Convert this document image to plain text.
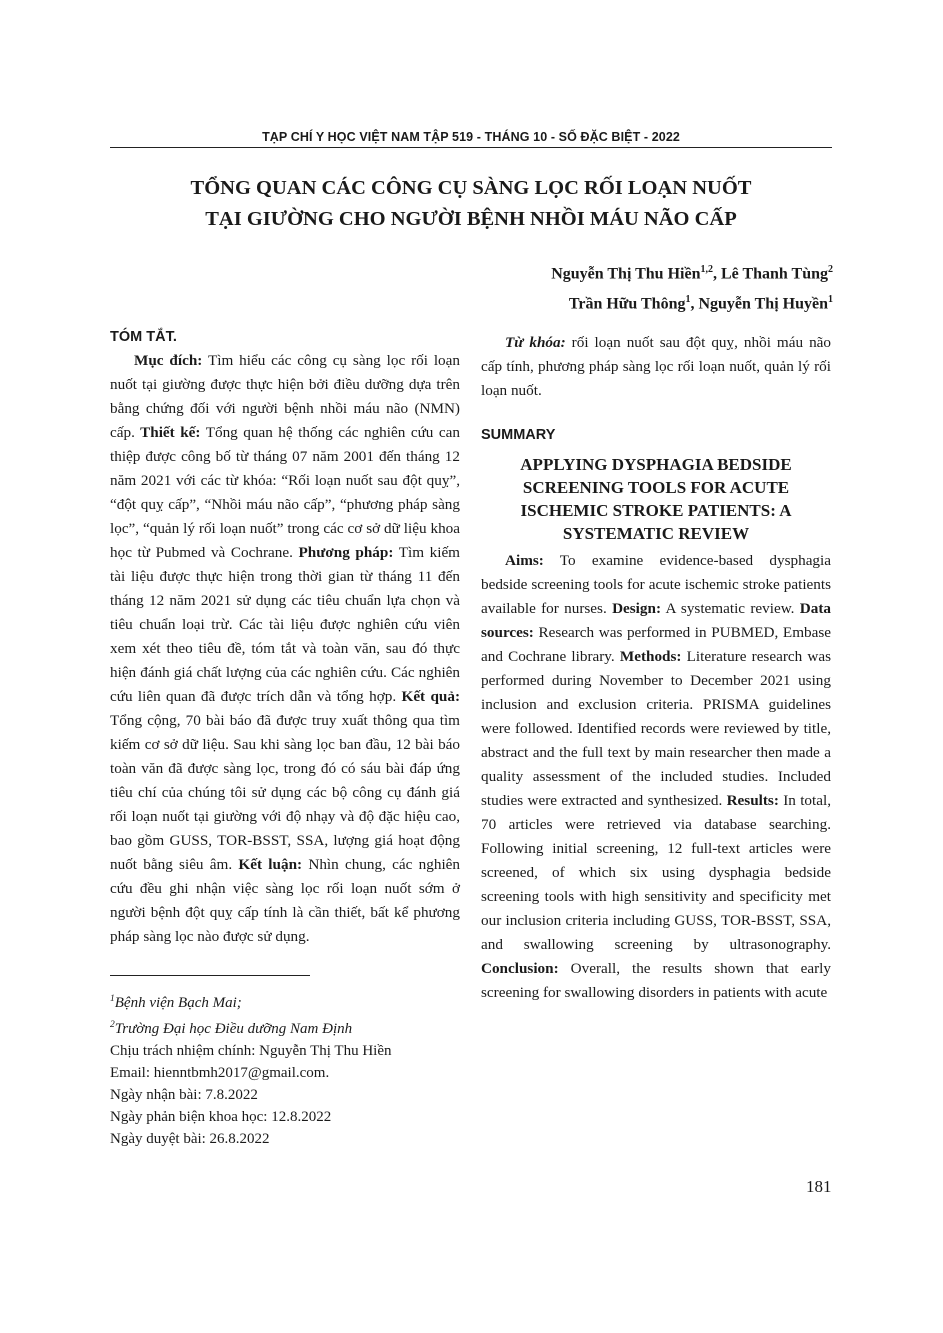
TẠP CHÍ Y HỌC VIỆT NAM TẬP 519 - THÁNG 10 - SỐ ĐẶC BIỆT - 2022
TỔNG QUAN CÁC CÔNG CỤ SÀNG LỌC RỐI LOẠN NUỐT
TẠI GIƯỜNG CHO NGƯỜI BỆNH NHỒI MÁU NÃO CẤP
Nguyễn Thị Thu Hiền$^{1,2}$, Lê Thanh Tùng$^2$
Trần Hữu Thông$^1$, Nguyễn Thị Huyền$^1$
TÓM TẮT.

Mục đích: Tìm hiểu các công cụ sàng lọc rối loạn nuốt tại giường được thực hiện bởi điều dưỡng dựa trên bằng chứng đối với người bệnh nhồi máu não (NMN) cấp. Thiết kế: Tổng quan hệ thống các nghiên cứu can thiệp được công bố từ tháng 07 năm 2001 đến tháng 12 năm 2021 với các từ khóa: “Rối loạn nuốt sau đột quỵ”, “đột quỵ cấp”, “Nhồi máu não cấp”, “phương pháp sàng lọc”, “quản lý rối loạn nuốt” trong các cơ sở dữ liệu khoa học từ Pubmed và Cochrane. Phương pháp: Tìm kiếm tài liệu được thực hiện trong thời gian từ tháng 11 đến tháng 12 năm 2021 sử dụng các tiêu chuẩn lựa chọn và tiêu chuẩn loại trừ. Các tài liệu được nghiên cứu viên xem xét theo tiêu đề, tóm tắt và toàn văn, sau đó thực hiện đánh giá chất lượng của các nghiên cứu. Các nghiên cứu liên quan đã được trích dẫn và tổng hợp. Kết quả: Tổng cộng, 70 bài báo đã được truy xuất thông qua tìm kiếm cơ sở dữ liệu. Sau khi sàng lọc ban đầu, 12 bài báo toàn văn đã được sàng lọc, trong đó có sáu bài đáp ứng tiêu chí của chúng tôi sử dụng các bộ công cụ đánh giá rối loạn nuốt tại giường với độ nhạy và độ đặc hiệu cao, bao gồm GUSS, TOR-BSST, SSA, lượng giá hoạt động nuốt bằng siêu âm. Kết luận: Nhìn chung, các nghiên cứu đều ghi nhận việc sàng lọc rối loạn nuốt sớm ở người bệnh đột quỵ cấp tính là cần thiết, bất kể phương pháp sàng lọc nào được sử dụng.

$^1$Bệnh viện Bạch Mai;

$^2$Trường Đại học Điều dưỡng Nam Định

Chịu trách nhiệm chính: Nguyễn Thị Thu Hiền

Email: hienntbmh2017@gmail.com.

Ngày nhận bài: 7.8.2022

Ngày phản biện khoa học: 12.8.2022

Ngày duyệt bài: 26.8.2022

Từ khóa: rối loạn nuốt sau đột quỵ, nhồi máu não cấp tính, phương pháp sàng lọc rối loạn nuốt, quản lý rối loạn nuốt.

SUMMARY
APPLYING DYSPHAGIA BEDSIDE SCREENING TOOLS FOR ACUTE ISCHEMIC STROKE PATIENTS: A SYSTEMATIC REVIEW

Aims: To examine evidence-based dysphagia bedside screening tools for acute ischemic stroke patients available for nurses. Design: A systematic review. Data sources: Research was performed in PUBMED, Embase and Cochrane library. Methods: Literature research was performed during November to December 2021 using inclusion and exclusion criteria. PRISMA guidelines were followed. Identified records were reviewed by title, abstract and the full text by main researcher then made a quality assessment of the included studies. Included studies were extracted and synthesized. Results: In total, 70 articles were retrieved via database searching. Following initial screening, 12 full-text articles were screened, of which six using dysphagia bedside screening tools with high sensitivity and specificity met our inclusion criteria including GUSS, TOR-BSST, SSA, and swallowing screening by ultrasonography. Conclusion: Overall, the results shown that early screening for swallowing disorders in patients with acute

181
